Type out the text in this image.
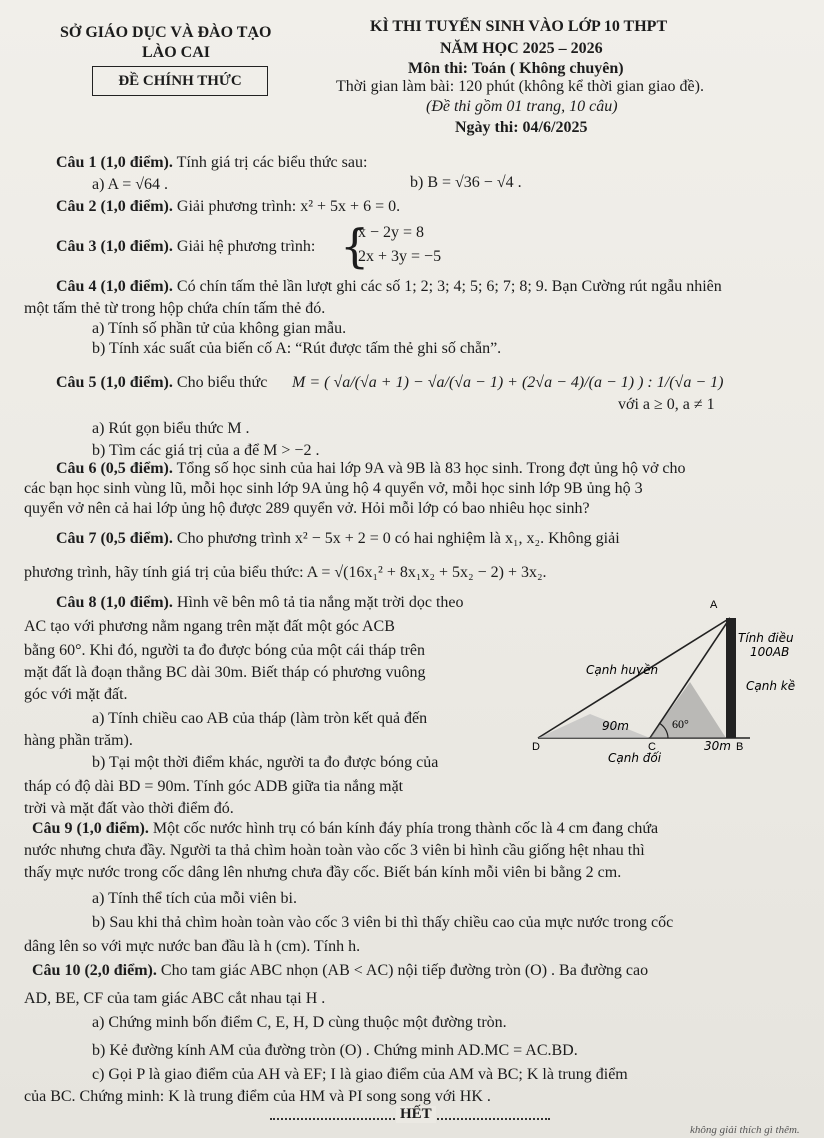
SỞ GIÁO DỤC VÀ ĐÀO TẠO
LÀO CAI
ĐỀ CHÍNH THỨC
KÌ THI TUYỂN SINH VÀO LỚP 10 THPT
NĂM HỌC 2025 – 2026
Môn thi: Toán ( Không chuyên)
Thời gian làm bài: 120 phút (không kể thời gian giao đề).
(Đề thi gồm 01 trang, 10 câu)
Ngày thi: 04/6/2025
Câu 1 (1,0 điểm). Tính giá trị các biểu thức sau:
a) A = √64 .	b) B = √36 − √4 .
Câu 2 (1,0 điểm). Giải phương trình: x² + 5x + 6 = 0.
Câu 3 (1,0 điểm). Giải hệ phương trình: {
x − 2y = 8
2x + 3y = −5
Câu 4 (1,0 điểm). Có chín tấm thẻ lần lượt ghi các số 1; 2; 3; 4; 5; 6; 7; 8; 9. Bạn Cường rút ngẫu nhiên
một tấm thẻ từ trong hộp chứa chín tấm thẻ đó.
a) Tính số phần tử của không gian mẫu.
b) Tính xác suất của biến cố A: “Rút được tấm thẻ ghi số chẵn”.
Câu 5 (1,0 điểm). Cho biểu thức M = ( √a/(√a + 1) − √a/(√a − 1) + (2√a − 4)/(a − 1) ) : 1/(√a − 1)
với a ≥ 0, a ≠ 1
a) Rút gọn biểu thức M .
b) Tìm các giá trị của a để M > −2 .
Câu 6 (0,5 điểm). Tổng số học sinh của hai lớp 9A và 9B là 83 học sinh. Trong đợt ủng hộ vở cho
các bạn học sinh vùng lũ, mỗi học sinh lớp 9A ủng hộ 4 quyển vở, mỗi học sinh lớp 9B ủng hộ 3
quyển vở nên cả hai lớp ủng hộ được 289 quyển vở. Hỏi mỗi lớp có bao nhiêu học sinh?
Câu 7 (0,5 điểm). Cho phương trình x² − 5x + 2 = 0 có hai nghiệm là x₁, x₂. Không giải
phương trình, hãy tính giá trị của biểu thức: A = √(16x₁² + 8x₁x₂ + 5x₂ − 2) + 3x₂.
Câu 8 (1,0 điểm). Hình vẽ bên mô tả tia nắng mặt trời dọc theo
AC tạo với phương nằm ngang trên mặt đất một góc ACB
bằng 60°. Khi đó, người ta đo được bóng của một cái tháp trên
mặt đất là đoạn thẳng BC dài 30m. Biết tháp có phương vuông
góc với mặt đất.
a) Tính chiều cao AB của tháp (làm tròn kết quả đến
hàng phần trăm).
b) Tại một thời điểm khác, người ta đo được bóng của
tháp có độ dài BD = 90m. Tính góc ADB giữa tia nắng mặt
trời và mặt đất vào thời điểm đó.
A
D	C	B
60°
Cạnh huyền
Tính điều
100AB
Cạnh kề
Cạnh đối
90m
30m
Câu 9 (1,0 điểm). Một cốc nước hình trụ có bán kính đáy phía trong thành cốc là 4 cm đang chứa
nước nhưng chưa đầy. Người ta thả chìm hoàn toàn vào cốc 3 viên bi hình cầu giống hệt nhau thì
thấy mực nước trong cốc dâng lên nhưng chưa đầy cốc. Biết bán kính mỗi viên bi bằng 2 cm.
a) Tính thể tích của mỗi viên bi.
b) Sau khi thả chìm hoàn toàn vào cốc 3 viên bi thì thấy chiều cao của mực nước trong cốc
dâng lên so với mực nước ban đầu là h (cm). Tính h.
Câu 10 (2,0 điểm). Cho tam giác ABC nhọn (AB < AC) nội tiếp đường tròn (O) . Ba đường cao
AD, BE, CF của tam giác ABC cắt nhau tại H .
a) Chứng minh bốn điểm C, E, H, D cùng thuộc một đường tròn.
b) Kẻ đường kính AM của đường tròn (O) . Chứng minh AD.MC = AC.BD.
c) Gọi P là giao điểm của AH và EF; I là giao điểm của AM và BC; K là trung điểm
của BC. Chứng minh: K là trung điểm của HM và PI song song với HK .
HẾT
không giải thích gì thêm.
